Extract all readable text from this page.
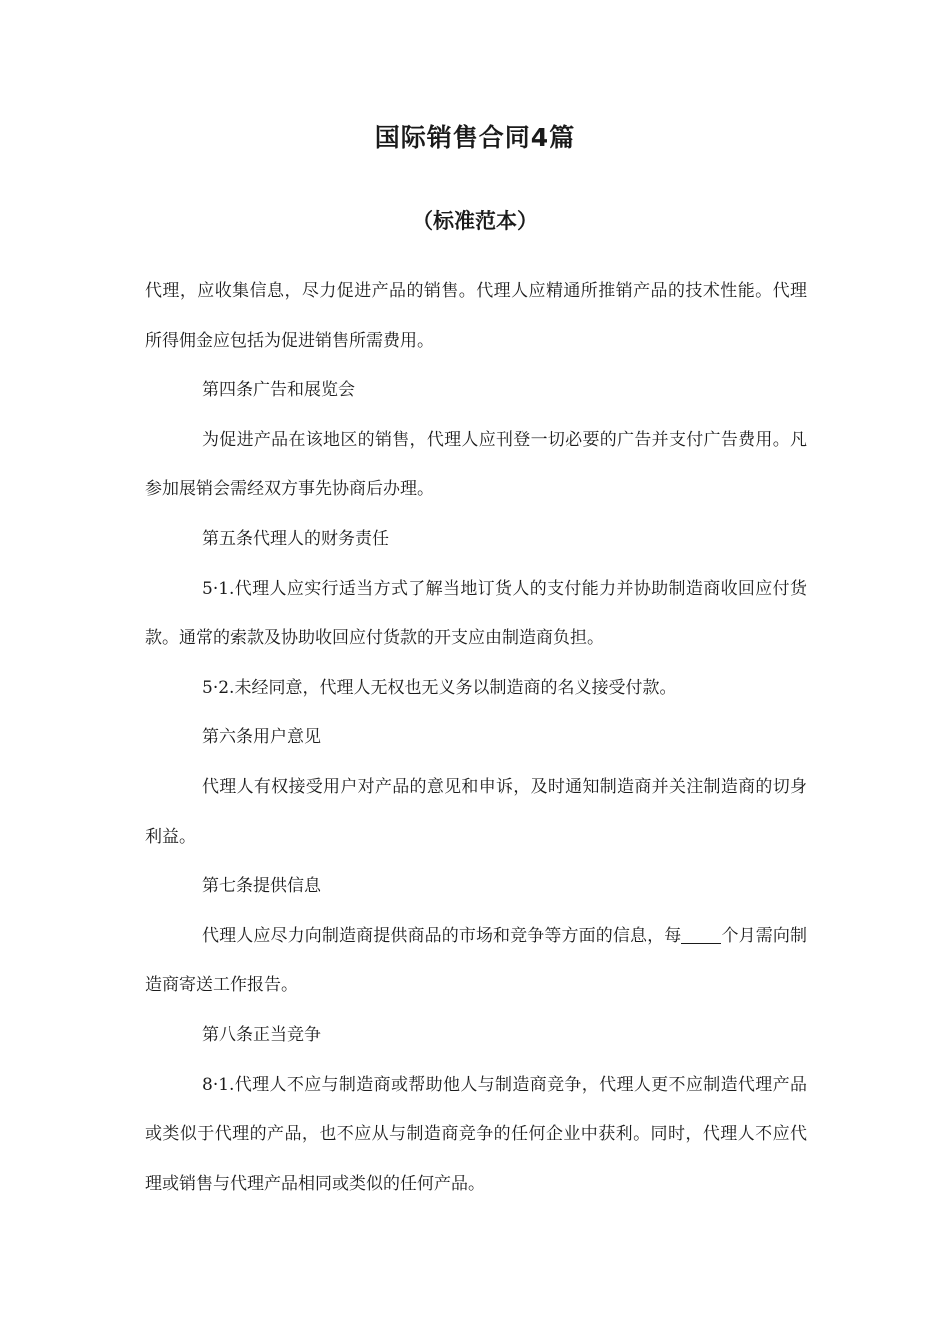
国际销售合同4篇
（标准范本）

代理，应收集信息，尽力促进产品的销售。代理人应精通所推销产品的技术性能。代理所得佣金应包括为促进销售所需费用。

第四条广告和展览会

为促进产品在该地区的销售，代理人应刊登一切必要的广告并支付广告费用。凡参加展销会需经双方事先协商后办理。

第五条代理人的财务责任

5·1.代理人应实行适当方式了解当地订货人的支付能力并协助制造商收回应付货款。通常的索款及协助收回应付货款的开支应由制造商负担。

5·2.未经同意，代理人无权也无义务以制造商的名义接受付款。

第六条用户意见

代理人有权接受用户对产品的意见和申诉，及时通知制造商并关注制造商的切身利益。

第七条提供信息

代理人应尽力向制造商提供商品的市场和竞争等方面的信息，每 个月需向制造商寄送工作报告。

第八条正当竞争

8·1.代理人不应与制造商或帮助他人与制造商竞争，代理人更不应制造代理产品或类似于代理的产品，也不应从与制造商竞争的任何企业中获利。同时，代理人不应代理或销售与代理产品相同或类似的任何产品。
